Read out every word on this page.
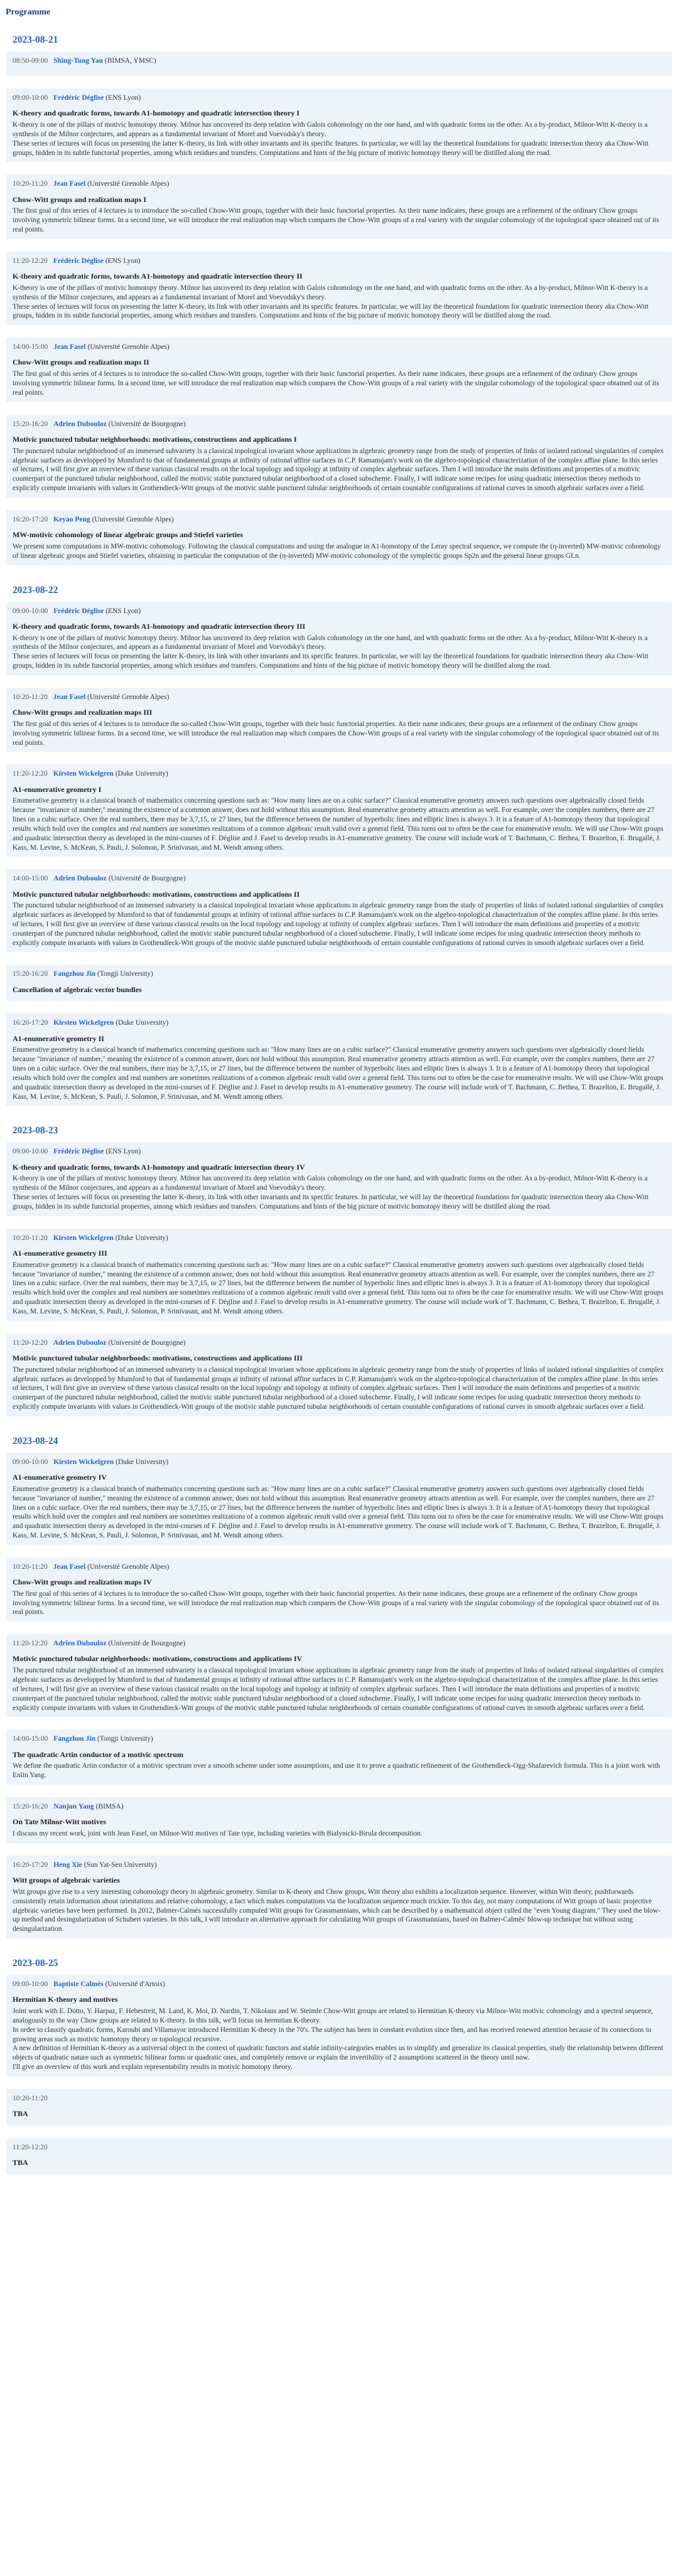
Programme
2023-08-21
08:50-09:00 Shing-Tung Yau (BIMSA, YMSC)
09:00-10:00 Frédéric Déglise (ENS Lyon)
K-theory and quadratic forms, towards A1-homotopy and quadratic intersection theory I

K-theory is one of the pillars of motivic homotopy theory. Milnor has uncovered its deep relation with Galois cohomology on the one hand, and with quadratic forms on the other. As a by-product, Milnor-Witt K-theory is a synthesis of the Milnor conjectures, and appears as a fundamental invariant of Morel and Voevodsky's theory.

These series of lectures will focus on presenting the latter K-theory, its link with other invariants and its specific features. In particular, we will lay the theoretical foundations for quadratic intersection theory aka Chow-Witt groups, hidden in its subtle functorial properties, among which residues and transfers. Computations and hints of the big picture of motivic homotopy theory will be distilled along the road.

10:20-11:20 Jean Fasel (Université Grenoble Alpes)
Chow-Witt groups and realization maps I

The first goal of this series of 4 lectures is to introduce the so-called Chow-Witt groups, together with their basic functorial properties. As their name indicates, these groups are a refinement of the ordinary Chow groups involving symmetric bilinear forms. In a second time, we will introduce the real realization map which compares the Chow-Witt groups of a real variety with the singular cohomology of the topological space obtained out of its real points.

11:20-12:20 Frédéric Déglise (ENS Lyon)
K-theory and quadratic forms, towards A1-homotopy and quadratic intersection theory II

K-theory is one of the pillars of motivic homotopy theory. Milnor has uncovered its deep relation with Galois cohomology on the one hand, and with quadratic forms on the other. As a by-product, Milnor-Witt K-theory is a synthesis of the Milnor conjectures, and appears as a fundamental invariant of Morel and Voevodsky's theory.

These series of lectures will focus on presenting the latter K-theory, its link with other invariants and its specific features. In particular, we will lay the theoretical foundations for quadratic intersection theory aka Chow-Witt groups, hidden in its subtle functorial properties, among which residues and transfers. Computations and hints of the big picture of motivic homotopy theory will be distilled along the road.

14:00-15:00 Jean Fasel (Université Grenoble Alpes)
Chow-Witt groups and realization maps II

The first goal of this series of 4 lectures is to introduce the so-called Chow-Witt groups, together with their basic functorial properties. As their name indicates, these groups are a refinement of the ordinary Chow groups involving symmetric bilinear forms. In a second time, we will introduce the real realization map which compares the Chow-Witt groups of a real variety with the singular cohomology of the topological space obtained out of its real points.

15:20-16:20 Adrien Dubouloz (Université de Bourgogne)
Motivic punctured tubular neighborhoods: motivations, constructions and applications I

The punctured tubular neighborhood of an immersed subvariety is a classical topological invariant whose applications in algebraic geometry range from the study of properties of links of isolated rational singularities of complex algebraic surfaces as developped by Mumford to that of fundamental groups at infinity of rational affine surfaces in C.P. Ramanujam's work on the algebro-topological characterization of the complex affine plane. In this series of lectures, I will first give an overview of these various classical results on the local topology and topology at infinity of complex algebraic surfaces. Then I will introduce the main definitions and properties of a motivic counterpart of the punctured tubular neighborhood, called the motivic stable punctured tubular neighborhood of a closed subscheme. Finally, I will indicate some recipes for using quadratic intersection theory methods to explicitly compute invariants with values in Grothendieck-Witt groups of the motivic stable punctured tubular neighborhoods of certain countable configurations of rational curves in smooth algebraic surfaces over a field.

16:20-17:20 Keyao Peng (Université Grenoble Alpes)
MW-motivic cohomology of linear algebraic groups and Stiefel varieties

We present some computations in MW-motivic cohomology. Following the classical computations and using the analogue in A1-homotopy of the Leray spectral sequence, we compute the (η-inverted) MW-motivic cohomology of linear algebraic groups and Stiefel varieties, obtaining in particular the computation of the (η-inverted) MW-motivic cohomology of the symplectic groups Sp2n and the general linear groups GLn.

2023-08-22
09:00-10:00 Frédéric Déglise (ENS Lyon)
K-theory and quadratic forms, towards A1-homotopy and quadratic intersection theory III

K-theory is one of the pillars of motivic homotopy theory. Milnor has uncovered its deep relation with Galois cohomology on the one hand, and with quadratic forms on the other. As a by-product, Milnor-Witt K-theory is a synthesis of the Milnor conjectures, and appears as a fundamental invariant of Morel and Voevodsky's theory.

These series of lectures will focus on presenting the latter K-theory, its link with other invariants and its specific features. In particular, we will lay the theoretical foundations for quadratic intersection theory aka Chow-Witt groups, hidden in its subtle functorial properties, among which residues and transfers. Computations and hints of the big picture of motivic homotopy theory will be distilled along the road.

10:20-11:20 Jean Fasel (Université Grenoble Alpes)
Chow-Witt groups and realization maps III

The first goal of this series of 4 lectures is to introduce the so-called Chow-Witt groups, together with their basic functorial properties. As their name indicates, these groups are a refinement of the ordinary Chow groups involving symmetric bilinear forms. In a second time, we will introduce the real realization map which compares the Chow-Witt groups of a real variety with the singular cohomology of the topological space obtained out of its real points.

11:20-12:20 Kirsten Wickelgren (Duke University)
A1-enumerative geometry I

Enumerative geometry is a classical branch of mathematics concerning questions such as: "How many lines are on a cubic surface?" Classical enumerative geometry answers such questions over algebraically closed fields because "invariance of number," meaning the existence of a common answer, does not hold without this assumption. Real enumerative geometry attracts attention as well. For example, over the complex numbers, there are 27 lines on a cubic surface. Over the real numbers, there may be 3,7,15, or 27 lines, but the difference between the number of hyperbolic lines and elliptic lines is always 3. It is a feature of A1-homotopy theory that topological results which hold over the complex and real numbers are sometimes realizations of a common algebraic result valid over a general field. This turns out to often be the case for enumerative results. We will use Chow-Witt groups and quadratic intersection theory as developed in the mini-courses of F. Déglise and J. Fasel to develop results in A1-enumerative geometry. The course will include work of T. Bachmann, C. Bethea, T. Brazelton, E. Brugallé, J. Kass, M. Levine, S. McKean, S. Pauli, J. Solomon, P. Srinivasan, and M. Wendt among others.

14:00-15:00 Adrien Dubouloz (Université de Bourgogne)
Motivic punctured tubular neighborhoods: motivations, constructions and applications II

The punctured tubular neighborhood of an immersed subvariety is a classical topological invariant whose applications in algebraic geometry range from the study of properties of links of isolated rational singularities of complex algebraic surfaces as developped by Mumford to that of fundamental groups at infinity of rational affine surfaces in C.P. Ramanujam's work on the algebro-topological characterization of the complex affine plane. In this series of lectures, I will first give an overview of these various classical results on the local topology and topology at infinity of complex algebraic surfaces. Then I will introduce the main definitions and properties of a motivic counterpart of the punctured tubular neighborhood, called the motivic stable punctured tubular neighborhood of a closed subscheme. Finally, I will indicate some recipes for using quadratic intersection theory methods to explicitly compute invariants with values in Grothendieck-Witt groups of the motivic stable punctured tubular neighborhoods of certain countable configurations of rational curves in smooth algebraic surfaces over a field.

15:20-16:20 Fangzhou Jin (Tongji University)
Cancellation of algebraic vector bundles
16:20-17:20 Kirsten Wickelgren (Duke University)
A1-enumerative geometry II

Enumerative geometry is a classical branch of mathematics concerning questions such as: "How many lines are on a cubic surface?" Classical enumerative geometry answers such questions over algebraically closed fields because "invariance of number," meaning the existence of a common answer, does not hold without this assumption. Real enumerative geometry attracts attention as well. For example, over the complex numbers, there are 27 lines on a cubic surface. Over the real numbers, there may be 3,7,15, or 27 lines, but the difference between the number of hyperbolic lines and elliptic lines is always 3. It is a feature of A1-homotopy theory that topological results which hold over the complex and real numbers are sometimes realizations of a common algebraic result valid over a general field. This turns out to often be the case for enumerative results. We will use Chow-Witt groups and quadratic intersection theory as developed in the mini-courses of F. Déglise and J. Fasel to develop results in A1-enumerative geometry. The course will include work of T. Bachmann, C. Bethea, T. Brazelton, E. Brugallé, J. Kass, M. Levine, S. McKean, S. Pauli, J. Solomon, P. Srinivasan, and M. Wendt among others.

2023-08-23
09:00-10:00 Frédéric Déglise (ENS Lyon)
K-theory and quadratic forms, towards A1-homotopy and quadratic intersection theory IV

K-theory is one of the pillars of motivic homotopy theory. Milnor has uncovered its deep relation with Galois cohomology on the one hand, and with quadratic forms on the other. As a by-product, Milnor-Witt K-theory is a synthesis of the Milnor conjectures, and appears as a fundamental invariant of Morel and Voevodsky's theory.

These series of lectures will focus on presenting the latter K-theory, its link with other invariants and its specific features. In particular, we will lay the theoretical foundations for quadratic intersection theory aka Chow-Witt groups, hidden in its subtle functorial properties, among which residues and transfers. Computations and hints of the big picture of motivic homotopy theory will be distilled along the road.

10:20-11:20 Kirsten Wickelgren (Duke University)
A1-enumerative geometry III

Enumerative geometry is a classical branch of mathematics concerning questions such as: "How many lines are on a cubic surface?" Classical enumerative geometry answers such questions over algebraically closed fields because "invariance of number," meaning the existence of a common answer, does not hold without this assumption. Real enumerative geometry attracts attention as well. For example, over the complex numbers, there are 27 lines on a cubic surface. Over the real numbers, there may be 3,7,15, or 27 lines, but the difference between the number of hyperbolic lines and elliptic lines is always 3. It is a feature of A1-homotopy theory that topological results which hold over the complex and real numbers are sometimes realizations of a common algebraic result valid over a general field. This turns out to often be the case for enumerative results. We will use Chow-Witt groups and quadratic intersection theory as developed in the mini-courses of F. Déglise and J. Fasel to develop results in A1-enumerative geometry. The course will include work of T. Bachmann, C. Bethea, T. Brazelton, E. Brugallé, J. Kass, M. Levine, S. McKean, S. Pauli, J. Solomon, P. Srinivasan, and M. Wendt among others.

11:20-12:20 Adrien Dubouloz (Université de Bourgogne)
Motivic punctured tubular neighborhoods: motivations, constructions and applications III

The punctured tubular neighborhood of an immersed subvariety is a classical topological invariant whose applications in algebraic geometry range from the study of properties of links of isolated rational singularities of complex algebraic surfaces as developped by Mumford to that of fundamental groups at infinity of rational affine surfaces in C.P. Ramanujam's work on the algebro-topological characterization of the complex affine plane. In this series of lectures, I will first give an overview of these various classical results on the local topology and topology at infinity of complex algebraic surfaces. Then I will introduce the main definitions and properties of a motivic counterpart of the punctured tubular neighborhood, called the motivic stable punctured tubular neighborhood of a closed subscheme. Finally, I will indicate some recipes for using quadratic intersection theory methods to explicitly compute invariants with values in Grothendieck-Witt groups of the motivic stable punctured tubular neighborhoods of certain countable configurations of rational curves in smooth algebraic surfaces over a field.

2023-08-24
09:00-10:00 Kirsten Wickelgren (Duke University)
A1-enumerative geometry IV

Enumerative geometry is a classical branch of mathematics concerning questions such as: "How many lines are on a cubic surface?" Classical enumerative geometry answers such questions over algebraically closed fields because "invariance of number," meaning the existence of a common answer, does not hold without this assumption. Real enumerative geometry attracts attention as well. For example, over the complex numbers, there are 27 lines on a cubic surface. Over the real numbers, there may be 3,7,15, or 27 lines, but the difference between the number of hyperbolic lines and elliptic lines is always 3. It is a feature of A1-homotopy theory that topological results which hold over the complex and real numbers are sometimes realizations of a common algebraic result valid over a general field. This turns out to often be the case for enumerative results. We will use Chow-Witt groups and quadratic intersection theory as developed in the mini-courses of F. Déglise and J. Fasel to develop results in A1-enumerative geometry. The course will include work of T. Bachmann, C. Bethea, T. Brazelton, E. Brugallé, J. Kass, M. Levine, S. McKean, S. Pauli, J. Solomon, P. Srinivasan, and M. Wendt among others.

10:20-11:20 Jean Fasel (Université Grenoble Alpes)
Chow-Witt groups and realization maps IV

The first goal of this series of 4 lectures is to introduce the so-called Chow-Witt groups, together with their basic functorial properties. As their name indicates, these groups are a refinement of the ordinary Chow groups involving symmetric bilinear forms. In a second time, we will introduce the real realization map which compares the Chow-Witt groups of a real variety with the singular cohomology of the topological space obtained out of its real points.

11:20-12:20 Adrien Dubouloz (Université de Bourgogne)
Motivic punctured tubular neighborhoods: motivations, constructions and applications IV

The punctured tubular neighborhood of an immersed subvariety is a classical topological invariant whose applications in algebraic geometry range from the study of properties of links of isolated rational singularities of complex algebraic surfaces as developped by Mumford to that of fundamental groups at infinity of rational affine surfaces in C.P. Ramanujam's work on the algebro-topological characterization of the complex affine plane. In this series of lectures, I will first give an overview of these various classical results on the local topology and topology at infinity of complex algebraic surfaces. Then I will introduce the main definitions and properties of a motivic counterpart of the punctured tubular neighborhood, called the motivic stable punctured tubular neighborhood of a closed subscheme. Finally, I will indicate some recipes for using quadratic intersection theory methods to explicitly compute invariants with values in Grothendieck-Witt groups of the motivic stable punctured tubular neighborhoods of certain countable configurations of rational curves in smooth algebraic surfaces over a field.

14:00-15:00 Fangzhou Jin (Tongji University)
The quadratic Artin conductor of a motivic spectrum

We define the quadratic Artin conductor of a motivic spectrum over a smooth scheme under some assumptions, and use it to prove a quadratic refinement of the Grothendieck-Ogg-Shafarevich formula. This is a joint work with Enlin Yang.

15:20-16:20 Nanjun Yang (BIMSA)
On Tate Milnor-Witt motives

I discuss my recent work, joint with Jean Fasel, on Milnor-Witt motives of Tate type, including varieties with Bialynicki-Birula decomposition.

16:20-17:20 Heng Xie (Sun Yat-Sen University)
Witt groups of algebraic varieties

Witt groups give rise to a very interesting cohomology theory in algebraic geometry. Similar to K-theory and Chow groups, Witt theory also exhibits a localization sequence. However, within Witt theory, pushforwards consistently retain information about orientations and relative cohomology, a fact which makes computations via the localization sequence much trickier. To this day, not many computations of Witt groups of basic projective algebraic varieties have been performed. In 2012, Balmer-Calmès successfully computed Witt groups for Grassmannians, which can be described by a mathematical object called the "even Young diagram." They used the blow-up method and desingularization of Schubert varieties. In this talk, I will introduce an alternative approach for calculating Witt groups of Grassmannians, based on Balmer-Calmès' blow-up technique but without using desingularization.

2023-08-25
09:00-10:00 Baptiste Calmès (Université d'Artois)
Hermitian K-theory and motives

Joint work with E. Dotto, Y. Harpaz, F. Hebestreit, M. Land, K. Moi, D. Nardin, T. Nikolaus and W. Steimle Chow-Witt groups are related to Hermitian K-theory via Milnor-Witt motivic cohomology and a spectral sequence, analogously to the way Chow groups are related to K-theory. In this talk, we'll focus on hermitian K-theory.

In order to classify quadratic forms, Karoubi and Villamayor introduced Hermitian K-theory in the 70's. The subject has been in constant evolution since then, and has received renewed attention because of its connections to growing areas such as motivic homotopy theory or topological recursive.

A new definition of Hermitian K-theory as a universal object in the context of quadratic functors and stable infinity-categories enables us to simplify and generalize its classical properties, study the relationship between different objects of quadratic nature such as symmetric bilinear forms or quadratic ones, and completely remove or explain the invertibility of 2 assumptions scattered in the theory until now.

I'll give an overview of this work and explain representability results in motivic homotopy theory.

10:20-11:20
TBA
11:20-12:20
TBA
